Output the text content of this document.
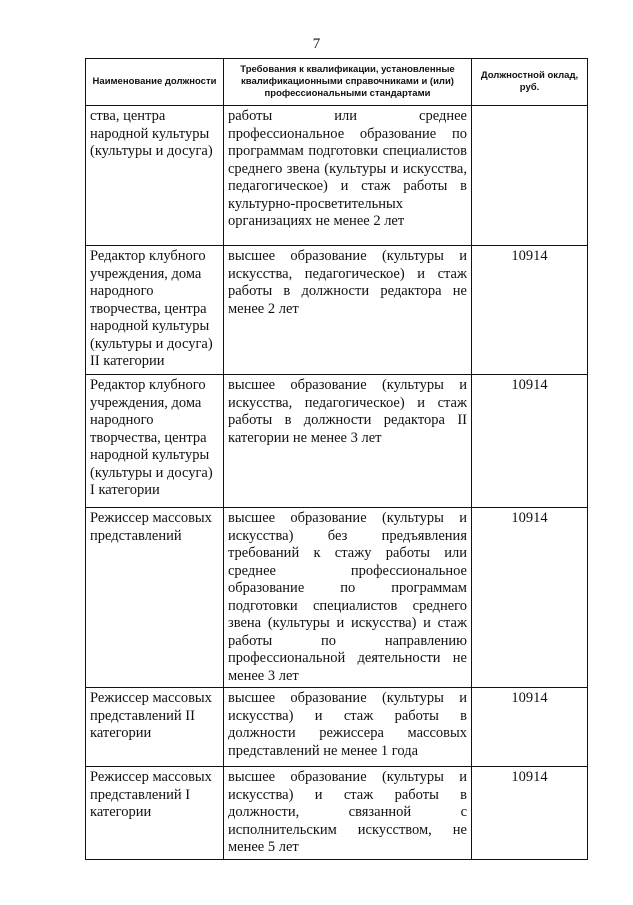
7
Наименование должности	Требования к квалификации, установленные квалификационными справочниками и (или) профессиональными стандартами	Должностной оклад, руб.
ства, центра народной культуры (культуры и досуга)	работы или среднее профессиональное образование по программам подготовки специалистов среднего звена (культуры и искусства, педагогическое) и стаж работы в культурно-просветительных организациях не менее 2 лет	
Редактор клубного учреждения, дома народного творчества, центра народной культуры (культуры и досуга) II категории	высшее образование (культуры и искусства, педагогическое) и стаж работы в должности редактора не менее 2 лет	10914
Редактор клубного учреждения, дома народного творчества, центра народной культуры (культуры и досуга) I категории	высшее образование (культуры и искусства, педагогическое) и стаж работы в должности редактора II категории не менее 3 лет	10914
Режиссер массовых представлений	высшее образование (культуры и искусства) без предъявления требований к стажу работы или среднее профессиональное образование по программам подготовки специалистов среднего звена (культуры и искусства) и стаж работы по направлению профессиональной деятельности не менее 3 лет	10914
Режиссер массовых представлений II категории	высшее образование (культуры и искусства) и стаж работы в должности режиссера массовых представлений не менее 1 года	10914
Режиссер массовых представлений I категории	высшее образование (культуры и искусства) и стаж работы в должности, связанной с исполнительским искусством, не менее 5 лет	10914
